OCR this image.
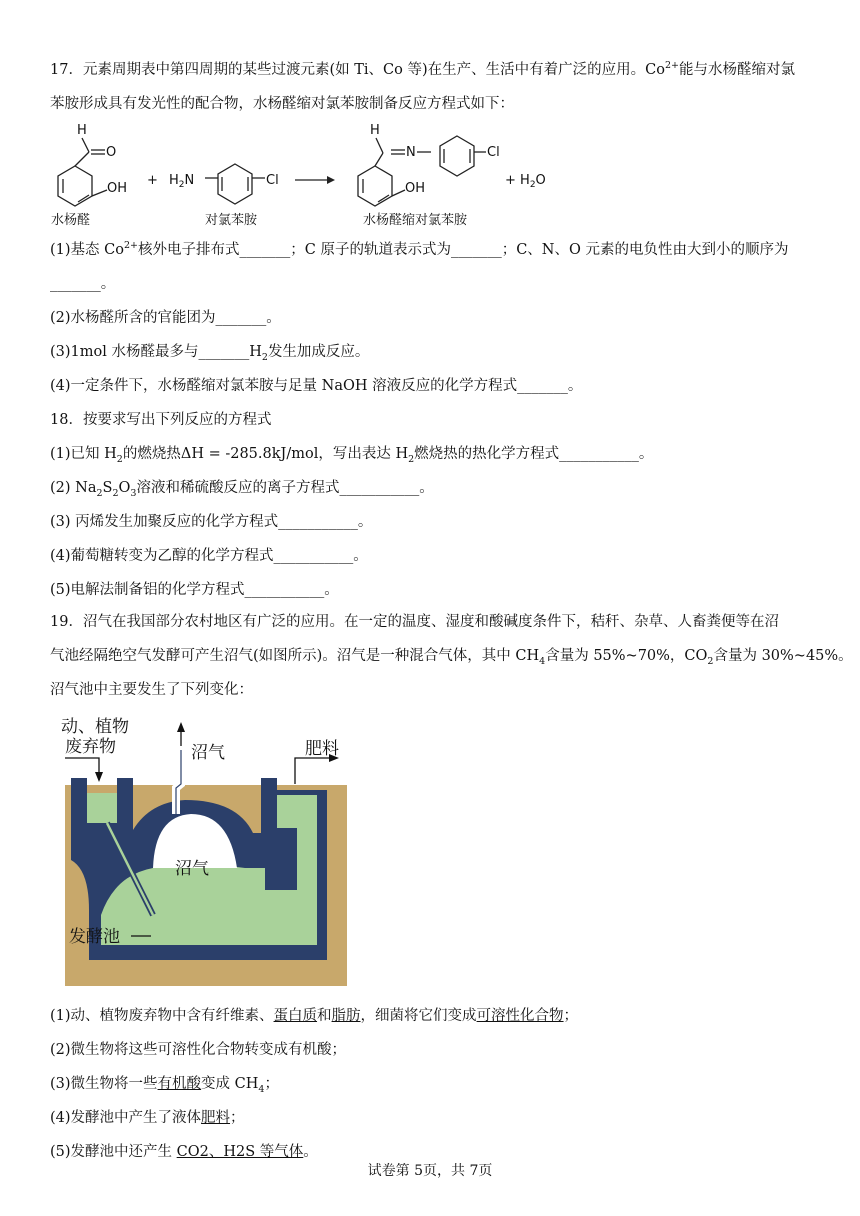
17．元素周期表中第四周期的某些过渡元素(如 Ti、Co 等)在生产、生活中有着广泛的应用。$Co^{2+}$能与水杨醛缩对氯
苯胺形成具有发光性的配合物，水杨醛缩对氯苯胺制备反应方程式如下：
H
O
OH
+ $H_2N$	Cl
H
N
OH
Cl
+ $H_2O$
水杨醛	对氯苯胺	水杨醛缩对氯苯胺
(1)基态 $Co^{2+}$核外电子排布式_______；C 原子的轨道表示式为_______；C、N、O 元素的电负性由大到小的顺序为
_______。
(2)水杨醛所含的官能团为_______。
(3)1mol 水杨醛最多与$\_\_\_\_\_\_\_H_2$发生加成反应。
(4)一定条件下，水杨醛缩对氯苯胺与足量 NaOH 溶液反应的化学方程式_______。
18．按要求写出下列反应的方程式
(1)已知 $H_2$的燃烧热ΔH = -285.8kJ/mol，写出表达 $H_2$燃烧热的热化学方程式___________。
(2) $Na_2S_2O_3$溶液和稀硫酸反应的离子方程式___________。
(3) 丙烯发生加聚反应的化学方程式___________。
(4)葡萄糖转变为乙醇的化学方程式___________。
(5)电解法制备铝的化学方程式___________。
19．沼气在我国部分农村地区有广泛的应用。在一定的温度、湿度和酸碱度条件下，秸秆、杂草、人畜粪便等在沼
气池经隔绝空气发酵可产生沼气(如图所示)。沼气是一种混合气体，其中 $CH_4$含量为 55%~70%，$CO_2$含量为 30%~45%。
沼气池中主要发生了下列变化：
动、植物
废弃物	沼气	肥料
沼气
发酵池
(1)动、植物废弃物中含有纤维素、蛋白质和脂肪，细菌将它们变成可溶性化合物；
(2)微生物将这些可溶性化合物转变成有机酸；
(3)微生物将一些有机酸变成 $CH_4$；
(4)发酵池中产生了液体肥料；
(5)发酵池中还产生 CO2、H2S 等气体。
试卷第 5页，共 7页
